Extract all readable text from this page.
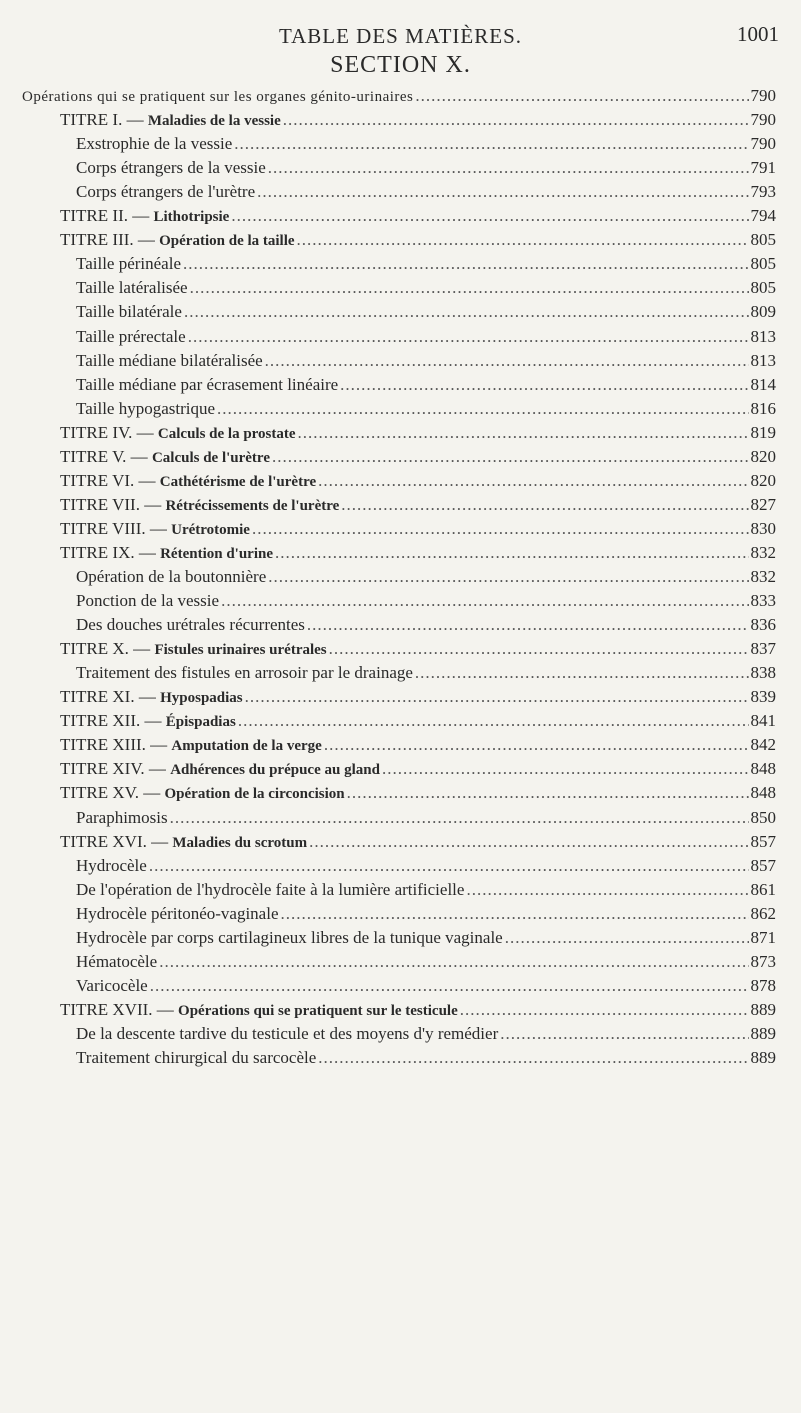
TABLE DES MATIÈRES.	1001
SECTION X.
Opérations qui se pratiquent sur les organes génito-urinaires .....	790
TITRE I. — Maladies de la vessie .....	790
Exstrophie de la vessie .....	790
Corps étrangers de la vessie .....	791
Corps étrangers de l'urètre .....	793
TITRE II. — Lithotripsie .....	794
TITRE III. — Opération de la taille .....	805
Taille périnéale .....	805
Taille latéralisée .....	805
Taille bilatérale .....	809
Taille prérectale .....	813
Taille médiane bilatéralisée .....	813
Taille médiane par écrasement linéaire .....	814
Taille hypogastrique .....	816
TITRE IV. — Calculs de la prostate .....	819
TITRE V. — Calculs de l'urètre .....	820
TITRE VI. — Cathétérisme de l'urètre .....	820
TITRE VII. — Rétrécissements de l'urètre .....	827
TITRE VIII. — Urétrotomie .....	830
TITRE IX. — Rétention d'urine .....	832
Opération de la boutonnière .....	832
Ponction de la vessie .....	833
Des douches urétrales récurrentes .....	836
TITRE X. — Fistules urinaires urétrales .....	837
Traitement des fistules en arrosoir par le drainage .....	838
TITRE XI. — Hypospadias .....	839
TITRE XII. — Épispadias .....	841
TITRE XIII. — Amputation de la verge .....	842
TITRE XIV. — Adhérences du prépuce au gland .....	848
TITRE XV. — Opération de la circoncision .....	848
Paraphimosis .....	850
TITRE XVI. — Maladies du scrotum .....	857
Hydrocèle .....	857
De l'opération de l'hydrocèle faite à la lumière artificielle .....	861
Hydrocèle péritonéo-vaginale .....	862
Hydrocèle par corps cartilagineux libres de la tunique vaginale .....	871
Hématocèle .....	873
Varicocèle .....	878
TITRE XVII. — Opérations qui se pratiquent sur le testicule .....	889
De la descente tardive du testicule et des moyens d'y remédier .....	889
Traitement chirurgical du sarcocèle .....	889
